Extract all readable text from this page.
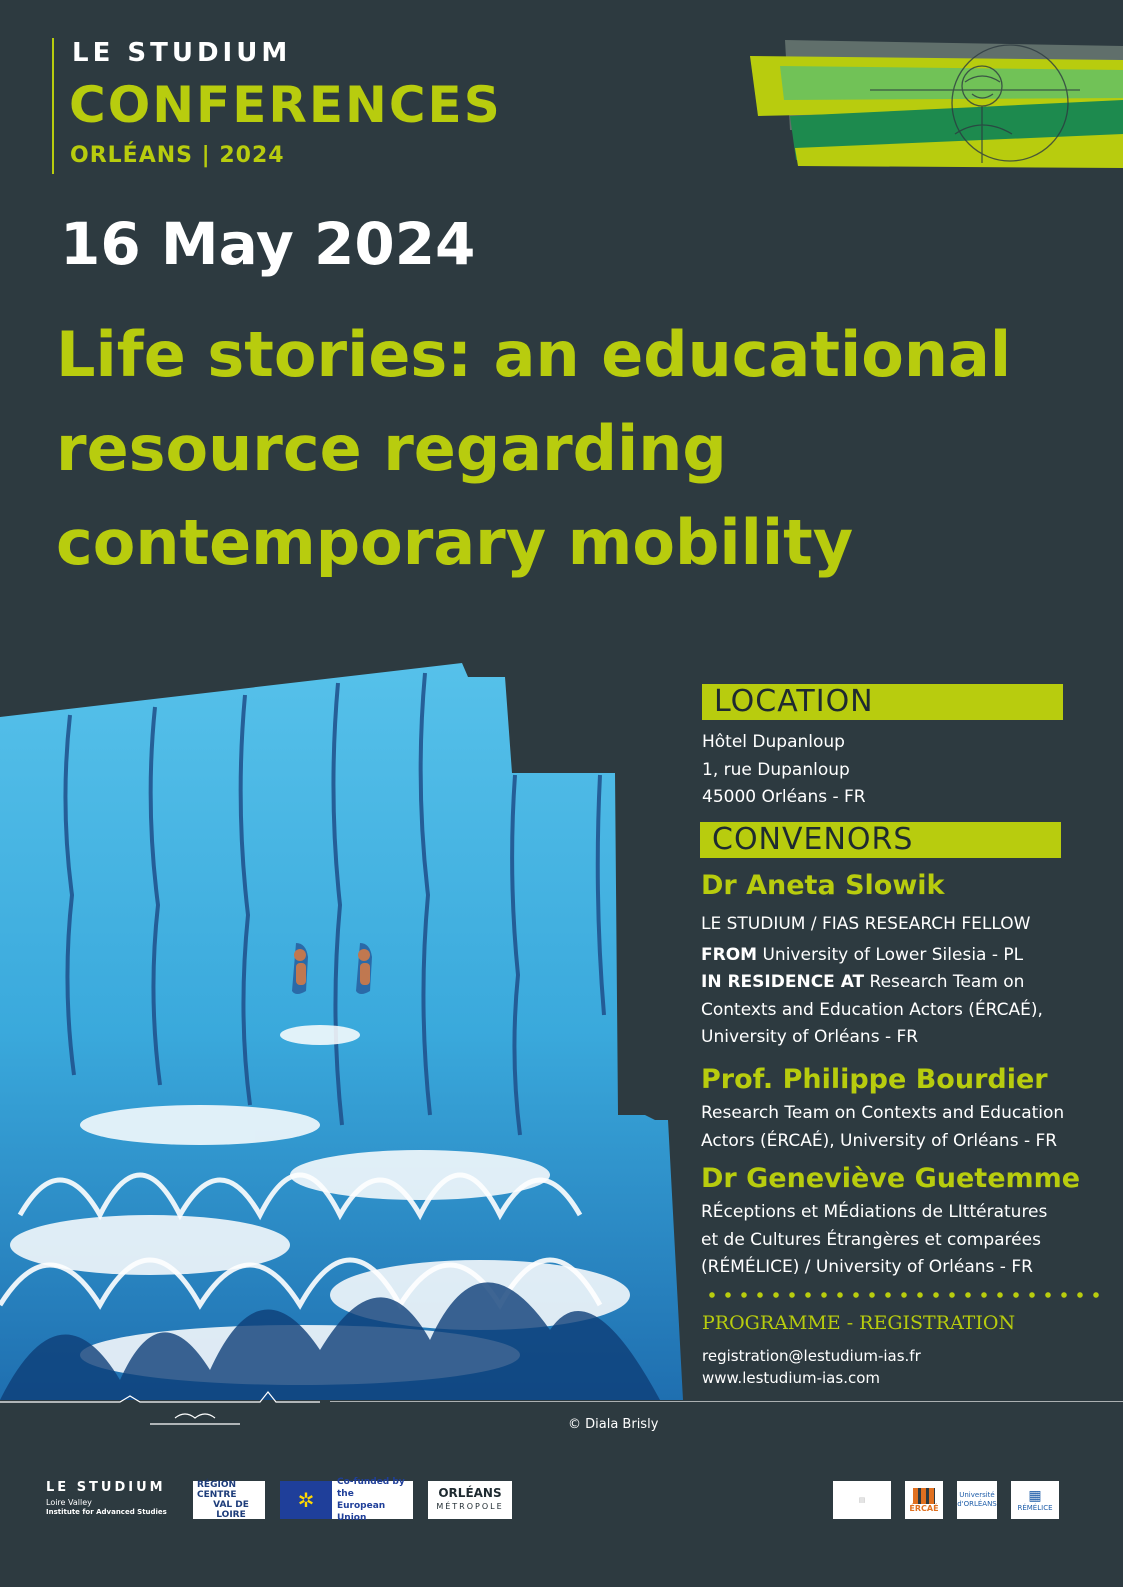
LE STUDIUM
CONFERENCES
ORLÉANS | 2024
16 May 2024
Life stories: an educational
resource regarding
contemporary mobility
LOCATION
Hôtel Dupanloup
1, rue Dupanloup
45000 Orléans - FR
CONVENORS
Dr Aneta Slowik
LE STUDIUM / FIAS RESEARCH FELLOW
FROM University of Lower Silesia - PL
IN RESIDENCE AT Research Team on
Contexts and Education Actors (ÉRCAÉ),
University of Orléans - FR
Prof. Philippe Bourdier
Research Team on Contexts and Education
Actors (ÉRCAÉ), University of Orléans - FR
Dr Geneviève Guetemme
RÉceptions et MÉdiations de LIttératures
et de Cultures Étrangères et comparées
(RÉMÉLICE) / University of Orléans - FR
PROGRAMME - REGISTRATION
registration@lestudium-ias.fr
www.lestudium-ias.com
© Diala Brisly
LE STUDIUM
Loire Valley
Institute for Advanced Studies
RÉGION
CENTRE
VAL DE LOIRE
✲
Co-funded by the
European Union
ORLÉANS
MÉTROPOLE
▤
ÉRCAÉ
Université
d'ORLÉANS ▦
RÉMÉLICE
